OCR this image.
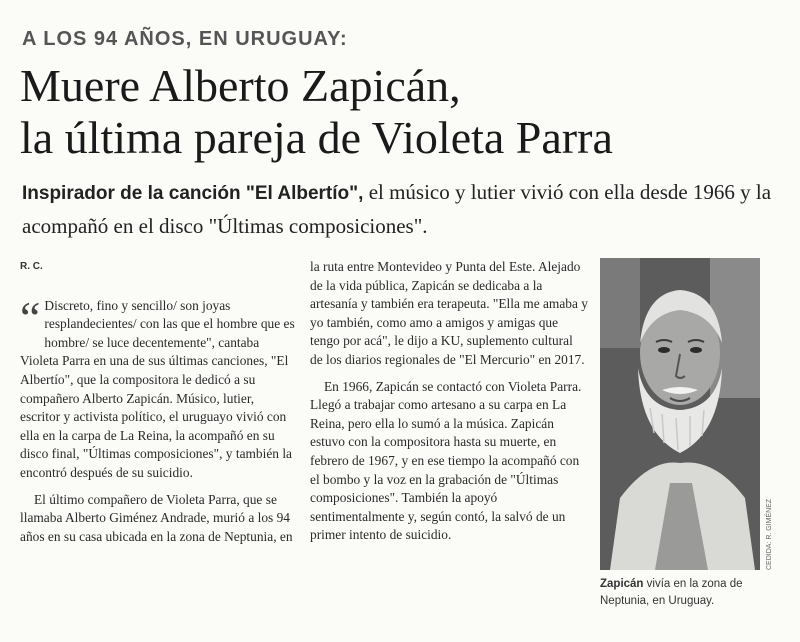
A LOS 94 AÑOS, EN URUGUAY:
Muere Alberto Zapicán,
la última pareja de Violeta Parra
Inspirador de la canción "El Albertío", el músico y lutier vivió con ella desde 1966 y la acompañó en el disco "Últimas composiciones".
R. C.

“ Discreto, fino y sencillo/ son joyas resplandecientes/ con las que el hombre que es hombre/ se luce decentemente", cantaba Violeta Parra en una de sus últimas canciones, "El Albertío", que la compositora le dedicó a su compañero Alberto Zapicán. Músico, lutier, escritor y activista político, el uruguayo vivió con ella en la carpa de La Reina, la acompañó en su disco final, "Últimas composiciones", y también la encontró después de su suicidio.

El último compañero de Violeta Parra, que se llamaba Alberto Giménez Andrade, murió a los 94 años en su casa ubicada en la zona de Neptunia, en

la ruta entre Montevideo y Punta del Este. Alejado de la vida pública, Zapicán se dedicaba a la artesanía y también era terapeuta. "Ella me amaba y yo también, como amo a amigos y amigas que tengo por acá", le dijo a KU, suplemento cultural de los diarios regionales de "El Mercurio" en 2017.

En 1966, Zapicán se contactó con Violeta Parra. Llegó a trabajar como artesano a su carpa en La Reina, pero ella lo sumó a la música. Zapicán estuvo con la compositora hasta su muerte, en febrero de 1967, y en ese tiempo la acompañó con el bombo y la voz en la grabación de "Últimas composiciones". También la apoyó sentimentalmente y, según contó, la salvó de un primer intento de suicidio.	CEDIDA: R. GIMÉNEZ
Zapicán vivía en la zona de Neptunia, en Uruguay.
